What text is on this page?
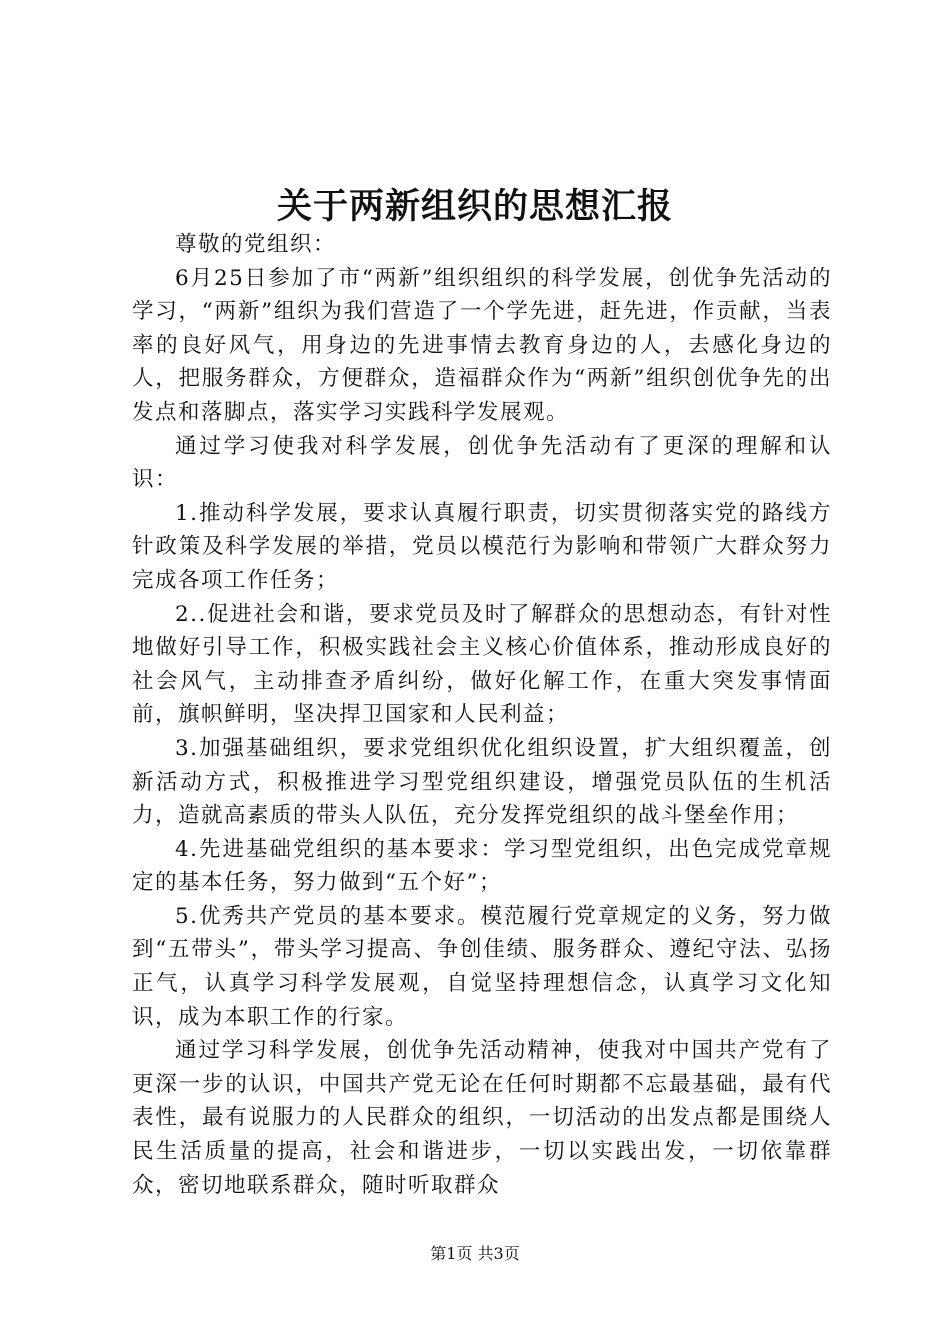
关于两新组织的思想汇报

尊敬的党组织：

6月25日参加了市“两新”组织组织的科学发展，创优争先活动的学习，“两新”组织为我们营造了一个学先进，赶先进，作贡献，当表率的良好风气，用身边的先进事情去教育身边的人，去感化身边的人，把服务群众，方便群众，造福群众作为“两新”组织创优争先的出发点和落脚点，落实学习实践科学发展观。

通过学习使我对科学发展，创优争先活动有了更深的理解和认识：

1.推动科学发展，要求认真履行职责，切实贯彻落实党的路线方针政策及科学发展的举措，党员以模范行为影响和带领广大群众努力完成各项工作任务；

2..促进社会和谐，要求党员及时了解群众的思想动态，有针对性地做好引导工作，积极实践社会主义核心价值体系，推动形成良好的社会风气，主动排查矛盾纠纷，做好化解工作，在重大突发事情面前，旗帜鲜明，坚决捍卫国家和人民利益；

3.加强基础组织，要求党组织优化组织设置，扩大组织覆盖，创新活动方式，积极推进学习型党组织建设，增强党员队伍的生机活力，造就高素质的带头人队伍，充分发挥党组织的战斗堡垒作用；

4.先进基础党组织的基本要求：学习型党组织，出色完成党章规定的基本任务，努力做到“五个好”；

5.优秀共产党员的基本要求。模范履行党章规定的义务，努力做到“五带头”，带头学习提高、争创佳绩、服务群众、遵纪守法、弘扬正气，认真学习科学发展观，自觉坚持理想信念，认真学习文化知识，成为本职工作的行家。

通过学习科学发展，创优争先活动精神，使我对中国共产党有了更深一步的认识，中国共产党无论在任何时期都不忘最基础，最有代表性，最有说服力的人民群众的组织，一切活动的出发点都是围绕人民生活质量的提高，社会和谐进步，一切以实践出发，一切依靠群众，密切地联系群众，随时听取群众

第1页 共3页
